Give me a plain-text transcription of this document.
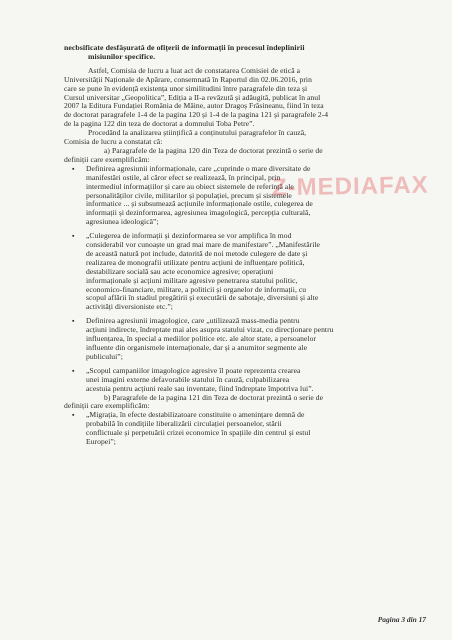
necbsificate desfășurată de ofițerii de informații în procesul îndeplinirii
misiunilor specifice.
Astfel, Comisia de lucru a luat act de constatarea Comisiei de etică a
Universității Naționale de Apărare, consemnată în Raportul din 02.06.2016, prin
care se pune în evidență existența unor similitudini între paragrafele din teza și
Cursul universitar „Geopolitica”, Ediția a II-a revăzută și adăugită, publicat în anul
2007 la Editura Fundației România de Mâine, autor Dragoș Frăsineanu, fiind în teza
de doctorat paragrafele 1-4 de la pagina 120 și 1-4 de la pagina 121 și paragrafele 2-4
de la pagina 122 din teza de doctorat a domnului Toba Petre”.
Procedând la analizarea științifică a conținutului paragrafelor în cauză,
Comisia de lucru a constatat că:
a) Paragrafele de la pagina 120 din Teza de doctorat prezintă o serie de
definiții care exemplificăm:
▪ Definirea agresiunii informaționale, care „cuprinde o mare diversitate de
manifestări ostile, al căror efect se realizează, în principal, prin
intermediul informațiilor și care au obiect sistemele de referință ale
personalităților civile, militarilor și populației, precum și sistemele
informatice ... și subsumează acțiunile informaționale ostile, culegerea de
informații și dezinformarea, agresiunea imagologică, percepția culturală,
agresiunea ideologică”;
▪ „Culegerea de informații și dezinformarea se vor amplifica în mod
considerabil vor cunoaște un grad mai mare de manifestare”. „Manifestările
de această natură pot include, datorită de noi metode culegere de date și
realizarea de monografii utilizate pentru acțiuni de influențare politică,
destabilizare socială sau acte economice agresive; operațiuni
informaționale și acțiuni militare agresive penetrarea statului politic,
economico-financiare, militare, a politicii și organelor de informații, cu
scopul aflării în stadiul pregătirii și executării de sabotaje, diversiuni și alte
activități diversioniste etc.”;
▪ Definirea agresiunii imagologice, care „utilizează mass-media pentru
acțiuni indirecte, îndreptate mai ales asupra statului vizat, cu direcționare pentru
influențarea, în special a mediilor politice etc. ale altor state, a persoanelor
influente din organismele internaționale, dar și a anumitor segmente ale
publicului”;
▪ „Scopul campaniilor imagologice agresive îl poate reprezenta crearea
unei imagini externe defavorabile statului în cauză, culpabilizarea
acestuia pentru acțiuni reale sau inventate, fiind îndreptate împotriva lui”.
b) Paragrafele de la pagina 121 din Teza de doctorat prezintă o serie de
definiții care exemplificăm:
▪ „Migrația, în efecte destabilizatoare constituite o amenințare demnă de
probabilă în condițiile liberalizării circulației persoanelor, stării
conflictuale și perpetuării crizei economice în spațiile din centrul și estul
Europei”;
Z-MEDIAFAX
Pagina 3 din 17
